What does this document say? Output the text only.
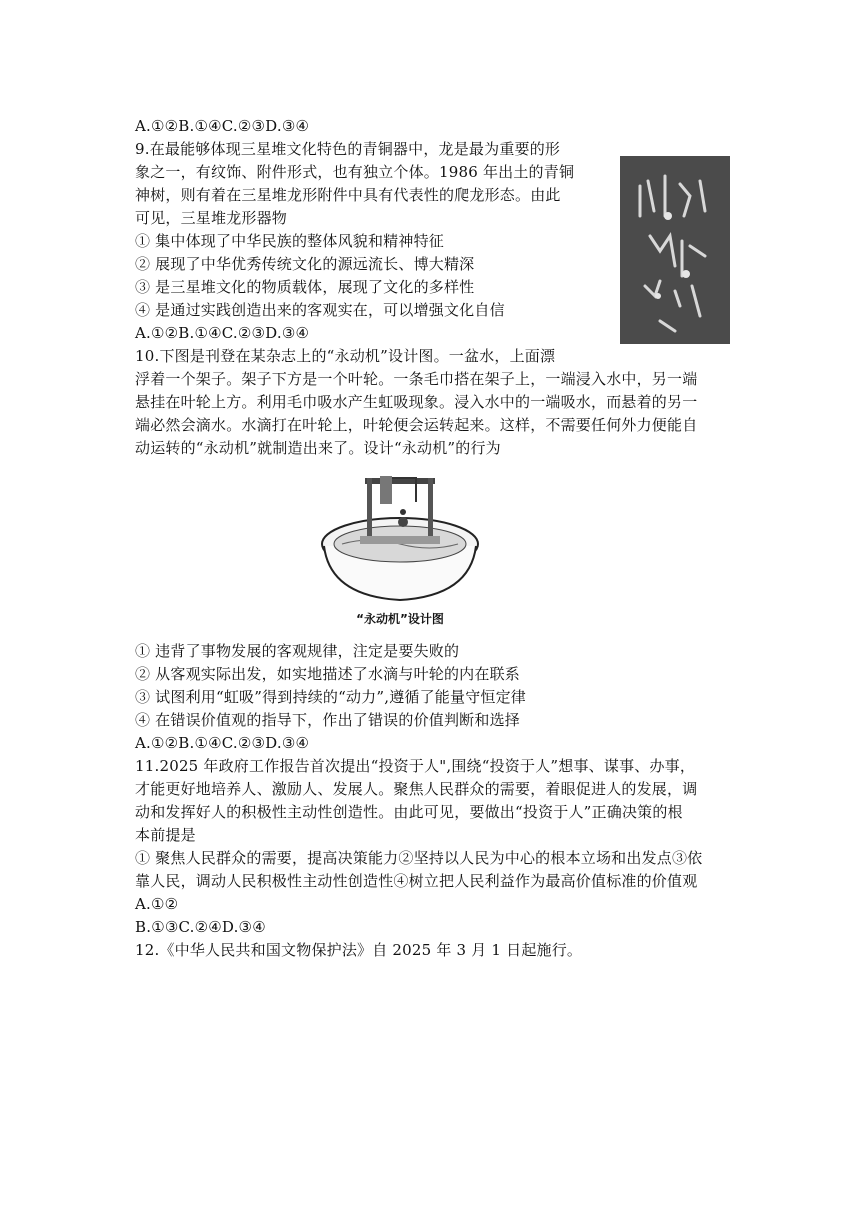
A.①②B.①④C.②③D.③④
9.在最能够体现三星堆文化特色的青铜器中，龙是最为重要的形
象之一，有纹饰、附件形式，也有独立个体。1986 年出土的青铜
神树，则有着在三星堆龙形附件中具有代表性的爬龙形态。由此
可见，三星堆龙形器物
① 集中体现了中华民族的整体风貌和精神特征
② 展现了中华优秀传统文化的源远流长、博大精深
③ 是三星堆文化的物质载体，展现了文化的多样性
④ 是通过实践创造出来的客观实在，可以增强文化自信
A.①②B.①④C.②③D.③④
10.下图是刊登在某杂志上的“永动机”设计图。一盆水，上面漂
浮着一个架子。架子下方是一个叶轮。一条毛巾搭在架子上，一端浸入水中，另一端
悬挂在叶轮上方。利用毛巾吸水产生虹吸现象。浸入水中的一端吸水，而悬着的另一
端必然会滴水。水滴打在叶轮上，叶轮便会运转起来。这样，不需要任何外力便能自
动运转的“永动机”就制造出来了。设计“永动机”的行为
“永动机”设计图
① 违背了事物发展的客观规律，注定是要失败的
② 从客观实际出发，如实地描述了水滴与叶轮的内在联系
③ 试图利用“虹吸”得到持续的“动力”,遵循了能量守恒定律
④ 在错误价值观的指导下，作出了错误的价值判断和选择
A.①②B.①④C.②③D.③④
11.2025 年政府工作报告首次提出“投资于人",围绕“投资于人”想事、谋事、办事，
才能更好地培养人、激励人、发展人。聚焦人民群众的需要，着眼促进人的发展，调
动和发挥好人的积极性主动性创造性。由此可见，要做出“投资于人”正确决策的根
本前提是
① 聚焦人民群众的需要，提高决策能力②坚持以人民为中心的根本立场和出发点③依
靠人民，调动人民积极性主动性创造性④树立把人民利益作为最高价值标准的价值观
A.①②
B.①③C.②④D.③④
12.《中华人民共和国文物保护法》自 2025 年 3 月 1 日起施行。
